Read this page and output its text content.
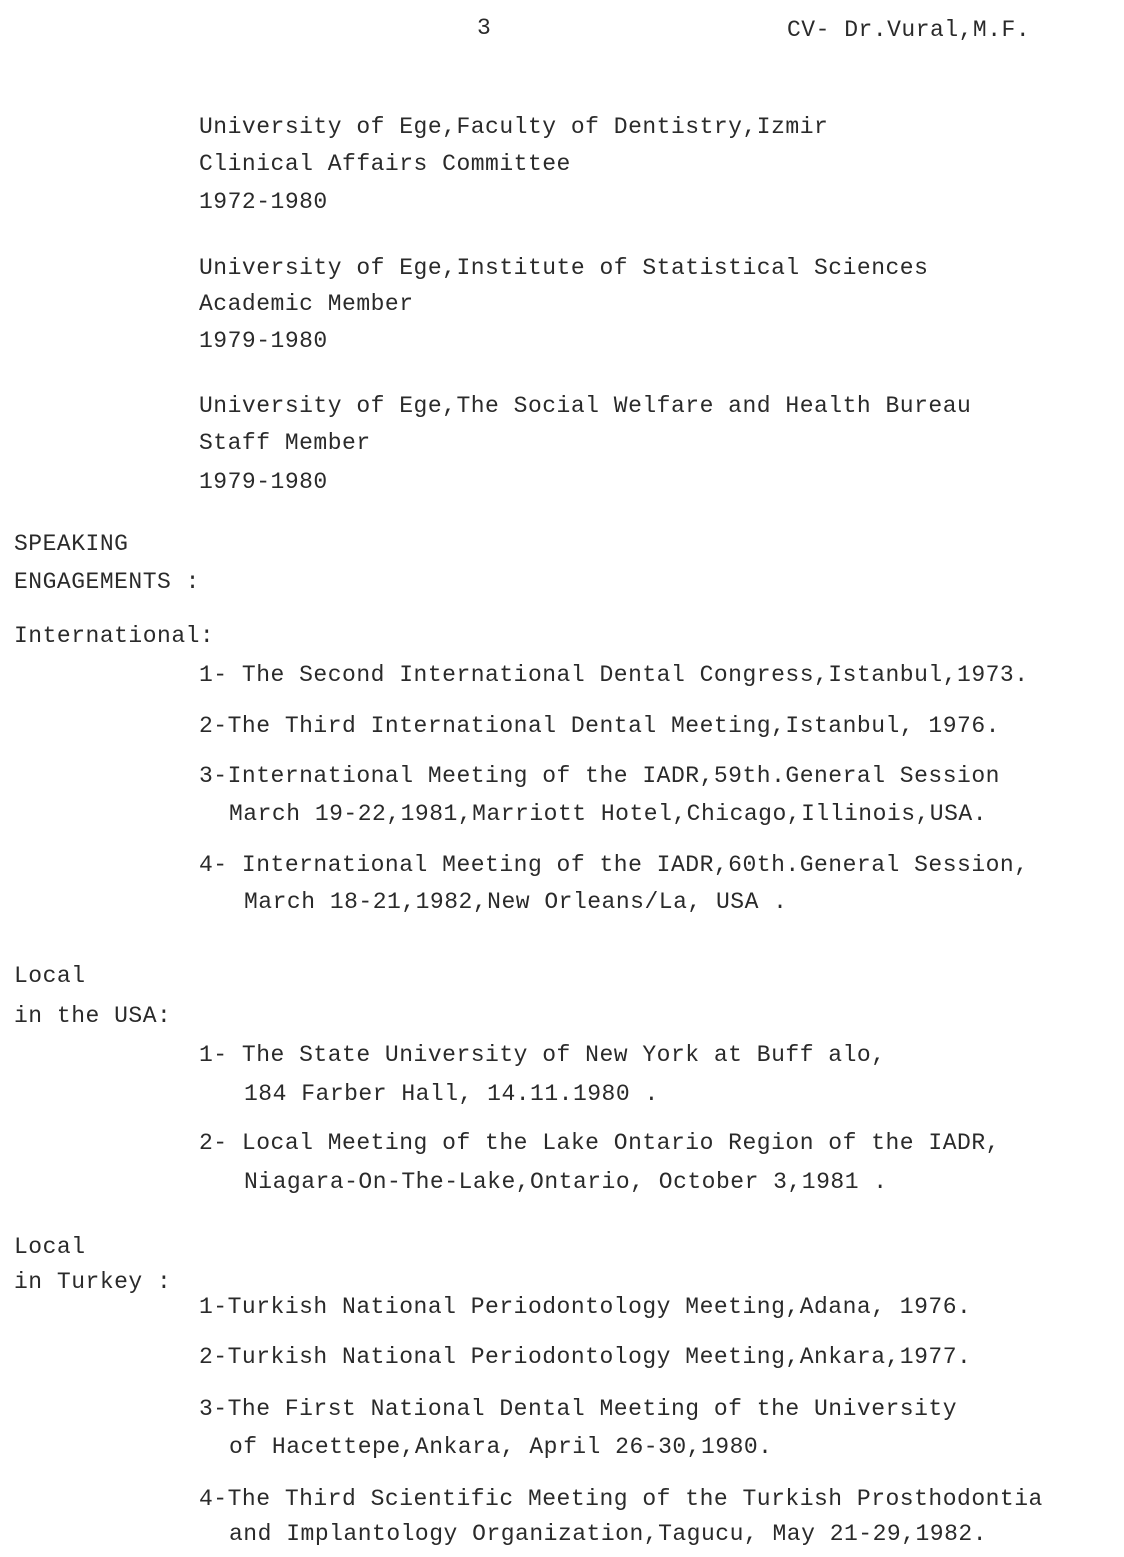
3	CV- Dr.Vural,M.F.
University of Ege,Faculty of Dentistry,Izmir
Clinical Affairs Committee
1972-1980
University of Ege,Institute of Statistical Sciences
Academic Member
1979-1980
University of Ege,The Social Welfare and Health Bureau
Staff Member
1979-1980
SPEAKING
ENGAGEMENTS :
International:
1- The Second International Dental Congress,Istanbul,1973.
2-The Third International Dental Meeting,Istanbul, 1976.
3-International Meeting of the IADR,59th.General Session
March 19-22,1981,Marriott Hotel,Chicago,Illinois,USA.
4- International Meeting of the IADR,60th.General Session,
March 18-21,1982,New Orleans/La, USA .
Local
in the USA:
1- The State University of New York at Buff alo,
184 Farber Hall, 14.11.1980 .
2- Local Meeting of the Lake Ontario Region of the IADR,
Niagara-On-The-Lake,Ontario, October 3,1981 .
Local
in Turkey :
1-Turkish National Periodontology Meeting,Adana, 1976.
2-Turkish National Periodontology Meeting,Ankara,1977.
3-The First National Dental Meeting of the University
of Hacettepe,Ankara, April 26-30,1980.
4-The Third Scientific Meeting of the Turkish Prosthodontia
and Implantology Organization,Tagucu, May 21-29,1982.
